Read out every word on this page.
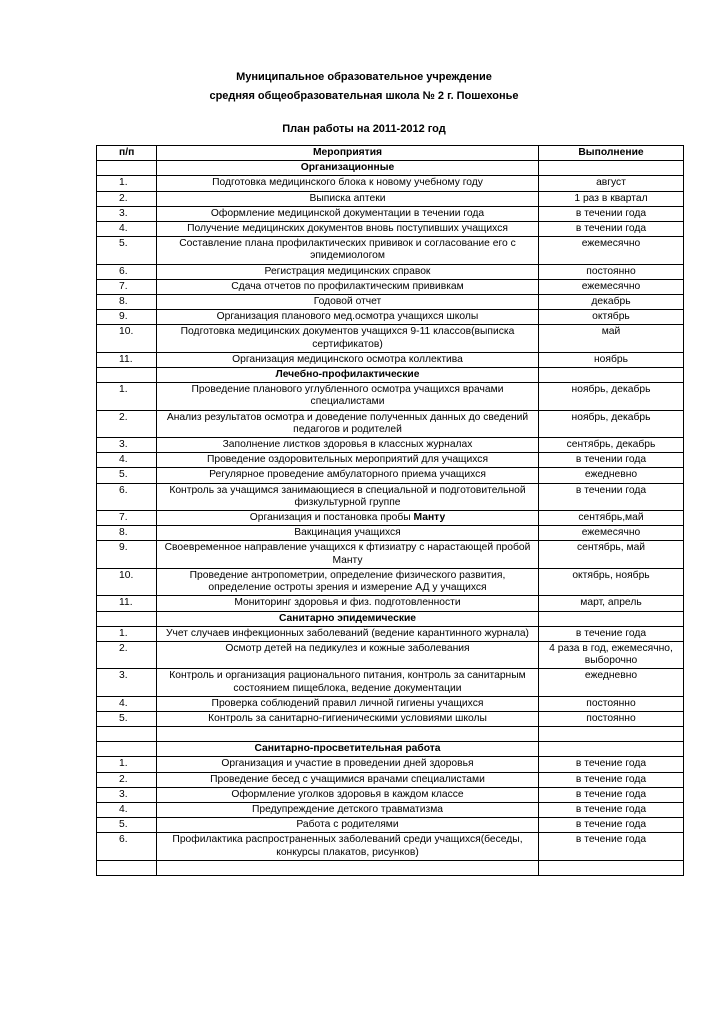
Муниципальное образовательное учреждение
средняя общеобразовательная школа № 2 г. Пошехонье
План работы на 2011-2012 год
п/п	Мероприятия	Выполнение
	Организационные	
1.	Подготовка медицинского блока к новому учебному году	август
2.	Выписка аптеки	1 раз в квартал
3.	Оформление медицинской документации в течении года	в течении года
4.	Получение медицинских документов вновь поступивших учащихся	в течении года
5.	Составление плана профилактических прививок и согласование его с эпидемиологом	ежемесячно
6.	Регистрация медицинских справок	постоянно
7.	Сдача отчетов по профилактическим прививкам	ежемесячно
8.	Годовой отчет	декабрь
9.	Организация планового мед.осмотра учащихся школы	октябрь
10.	Подготовка медицинских документов учащихся 9-11 классов(выписка сертификатов)	май
11.	Организация медицинского осмотра коллектива	ноябрь
	Лечебно-профилактические	
1.	Проведение планового углубленного осмотра учащихся врачами специалистами	ноябрь, декабрь
2.	Анализ результатов осмотра и доведение полученных данных до сведений педагогов и родителей	ноябрь, декабрь
3.	Заполнение листков здоровья в классных журналах	сентябрь, декабрь
4.	Проведение оздоровительных мероприятий для учащихся	в течении года
5.	Регулярное проведение амбулаторного приема учащихся	ежедневно
6.	Контроль за учащимся занимающиеся в специальной и подготовительной физкультурной группе	в течении года
7.	Организация и постановка пробы Манту	сентябрь,май
8.	Вакцинация учащихся	ежемесячно
9.	Своевременное направление учащихся к фтизиатру с нарастающей пробой Манту	сентябрь, май
10.	Проведение антропометрии, определение физического развития, определение остроты зрения и измерение АД у учащихся	октябрь, ноябрь
11.	Мониторинг здоровья и физ. подготовленности	март, апрель
	Санитарно эпидемические	
1.	Учет случаев инфекционных заболеваний (ведение карантинного журнала)	в течение года
2.	Осмотр детей на педикулез и кожные заболевания	4 раза в год, ежемесячно, выборочно
3.	Контроль и организация рационального питания, контроль за санитарным состоянием пищеблока, ведение документации	ежедневно
4.	Проверка соблюдений правил личной гигиены учащихся	постоянно
5.	Контроль за санитарно-гигиеническими условиями школы	постоянно

	Санитарно-просветительная работа	
1.	Организация и участие в проведении дней здоровья	в течение года
2.	Проведение бесед с учащимися врачами специалистами	в течение года
3.	Оформление уголков здоровья в каждом классе	в течение года
4.	Предупреждение детского травматизма	в течение года
5.	Работа с родителями	в течение года
6.	Профилактика распространенных заболеваний среди учащихся(беседы, конкурсы плакатов, рисунков)	в течение года
